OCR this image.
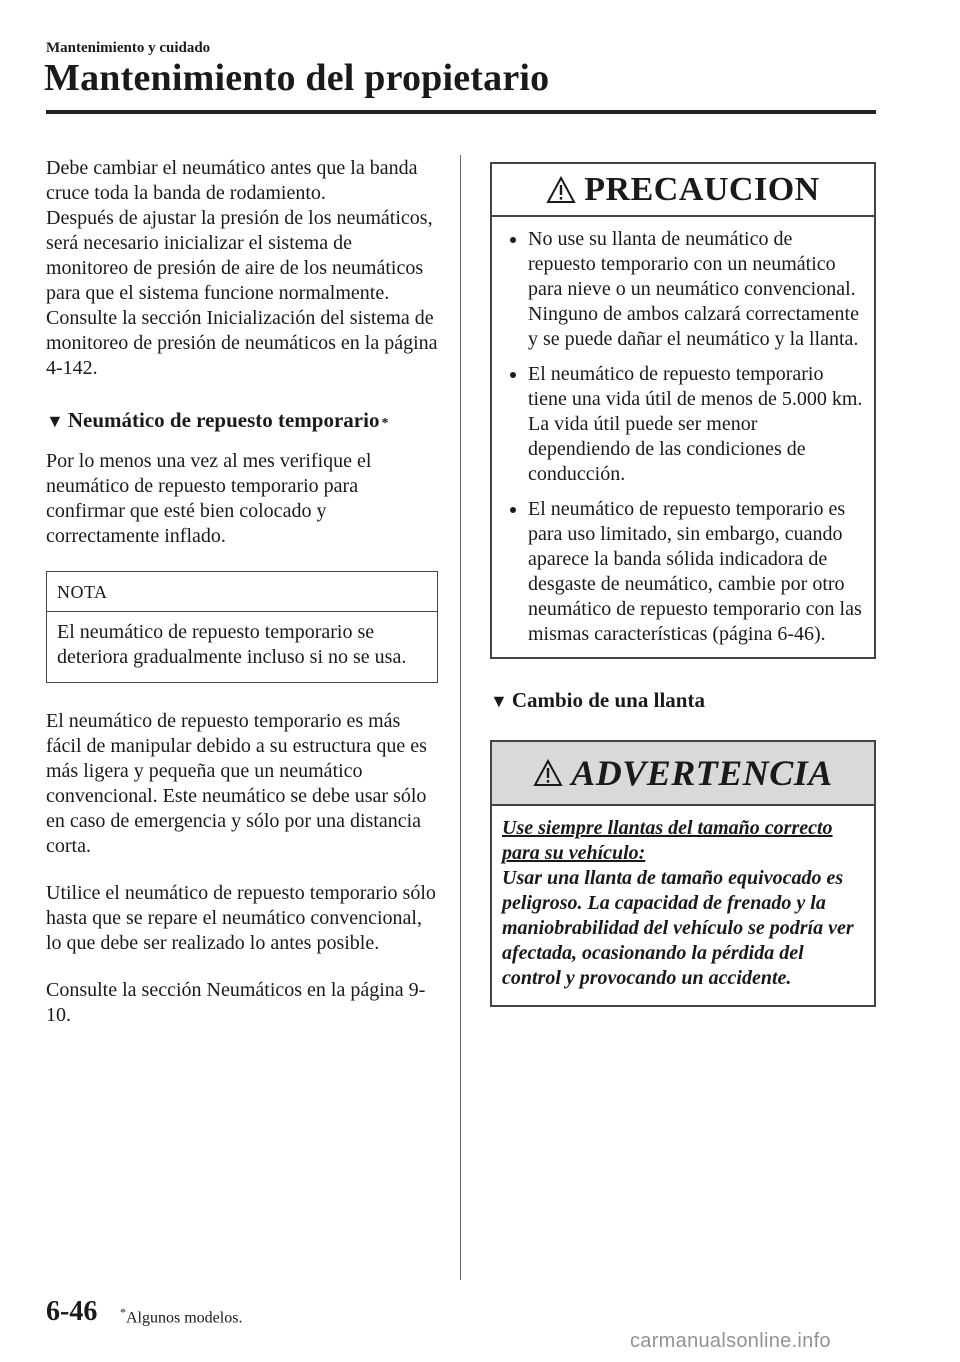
Mantenimiento y cuidado
Mantenimiento del propietario

Debe cambiar el neumático antes que la banda cruce toda la banda de rodamiento.

Después de ajustar la presión de los neumáticos, será necesario inicializar el sistema de monitoreo de presión de aire de los neumáticos para que el sistema funcione normalmente.

Consulte la sección Inicialización del sistema de monitoreo de presión de neumáticos en la página 4-142.

▼ Neumático de repuesto temporario *

Por lo menos una vez al mes verifique el neumático de repuesto temporario para confirmar que esté bien colocado y correctamente inflado.

NOTA
El neumático de repuesto temporario se deteriora gradualmente incluso si no se usa.

El neumático de repuesto temporario es más fácil de manipular debido a su estructura que es más ligera y pequeña que un neumático convencional. Este neumático se debe usar sólo en caso de emergencia y sólo por una distancia corta.

Utilice el neumático de repuesto temporario sólo hasta que se repare el neumático convencional, lo que debe ser realizado lo antes posible.

Consulte la sección Neumáticos en la página 9-10.

PRECAUCION
No use su llanta de neumático de repuesto temporario con un neumático para nieve o un neumático convencional. Ninguno de ambos calzará correctamente y se puede dañar el neumático y la llanta.
El neumático de repuesto temporario tiene una vida útil de menos de 5.000 km. La vida útil puede ser menor dependiendo de las condiciones de conducción.
El neumático de repuesto temporario es para uso limitado, sin embargo, cuando aparece la banda sólida indicadora de desgaste de neumático, cambie por otro neumático de repuesto temporario con las mismas características (página 6-46).
▼ Cambio de una llanta
ADVERTENCIA
Use siempre llantas del tamaño correcto para su vehículo:
Usar una llanta de tamaño equivocado es peligroso. La capacidad de frenado y la maniobrabilidad del vehículo se podría ver afectada, ocasionando la pérdida del control y provocando un accidente.
6-46 *Algunos modelos.
carmanualsonline.info
